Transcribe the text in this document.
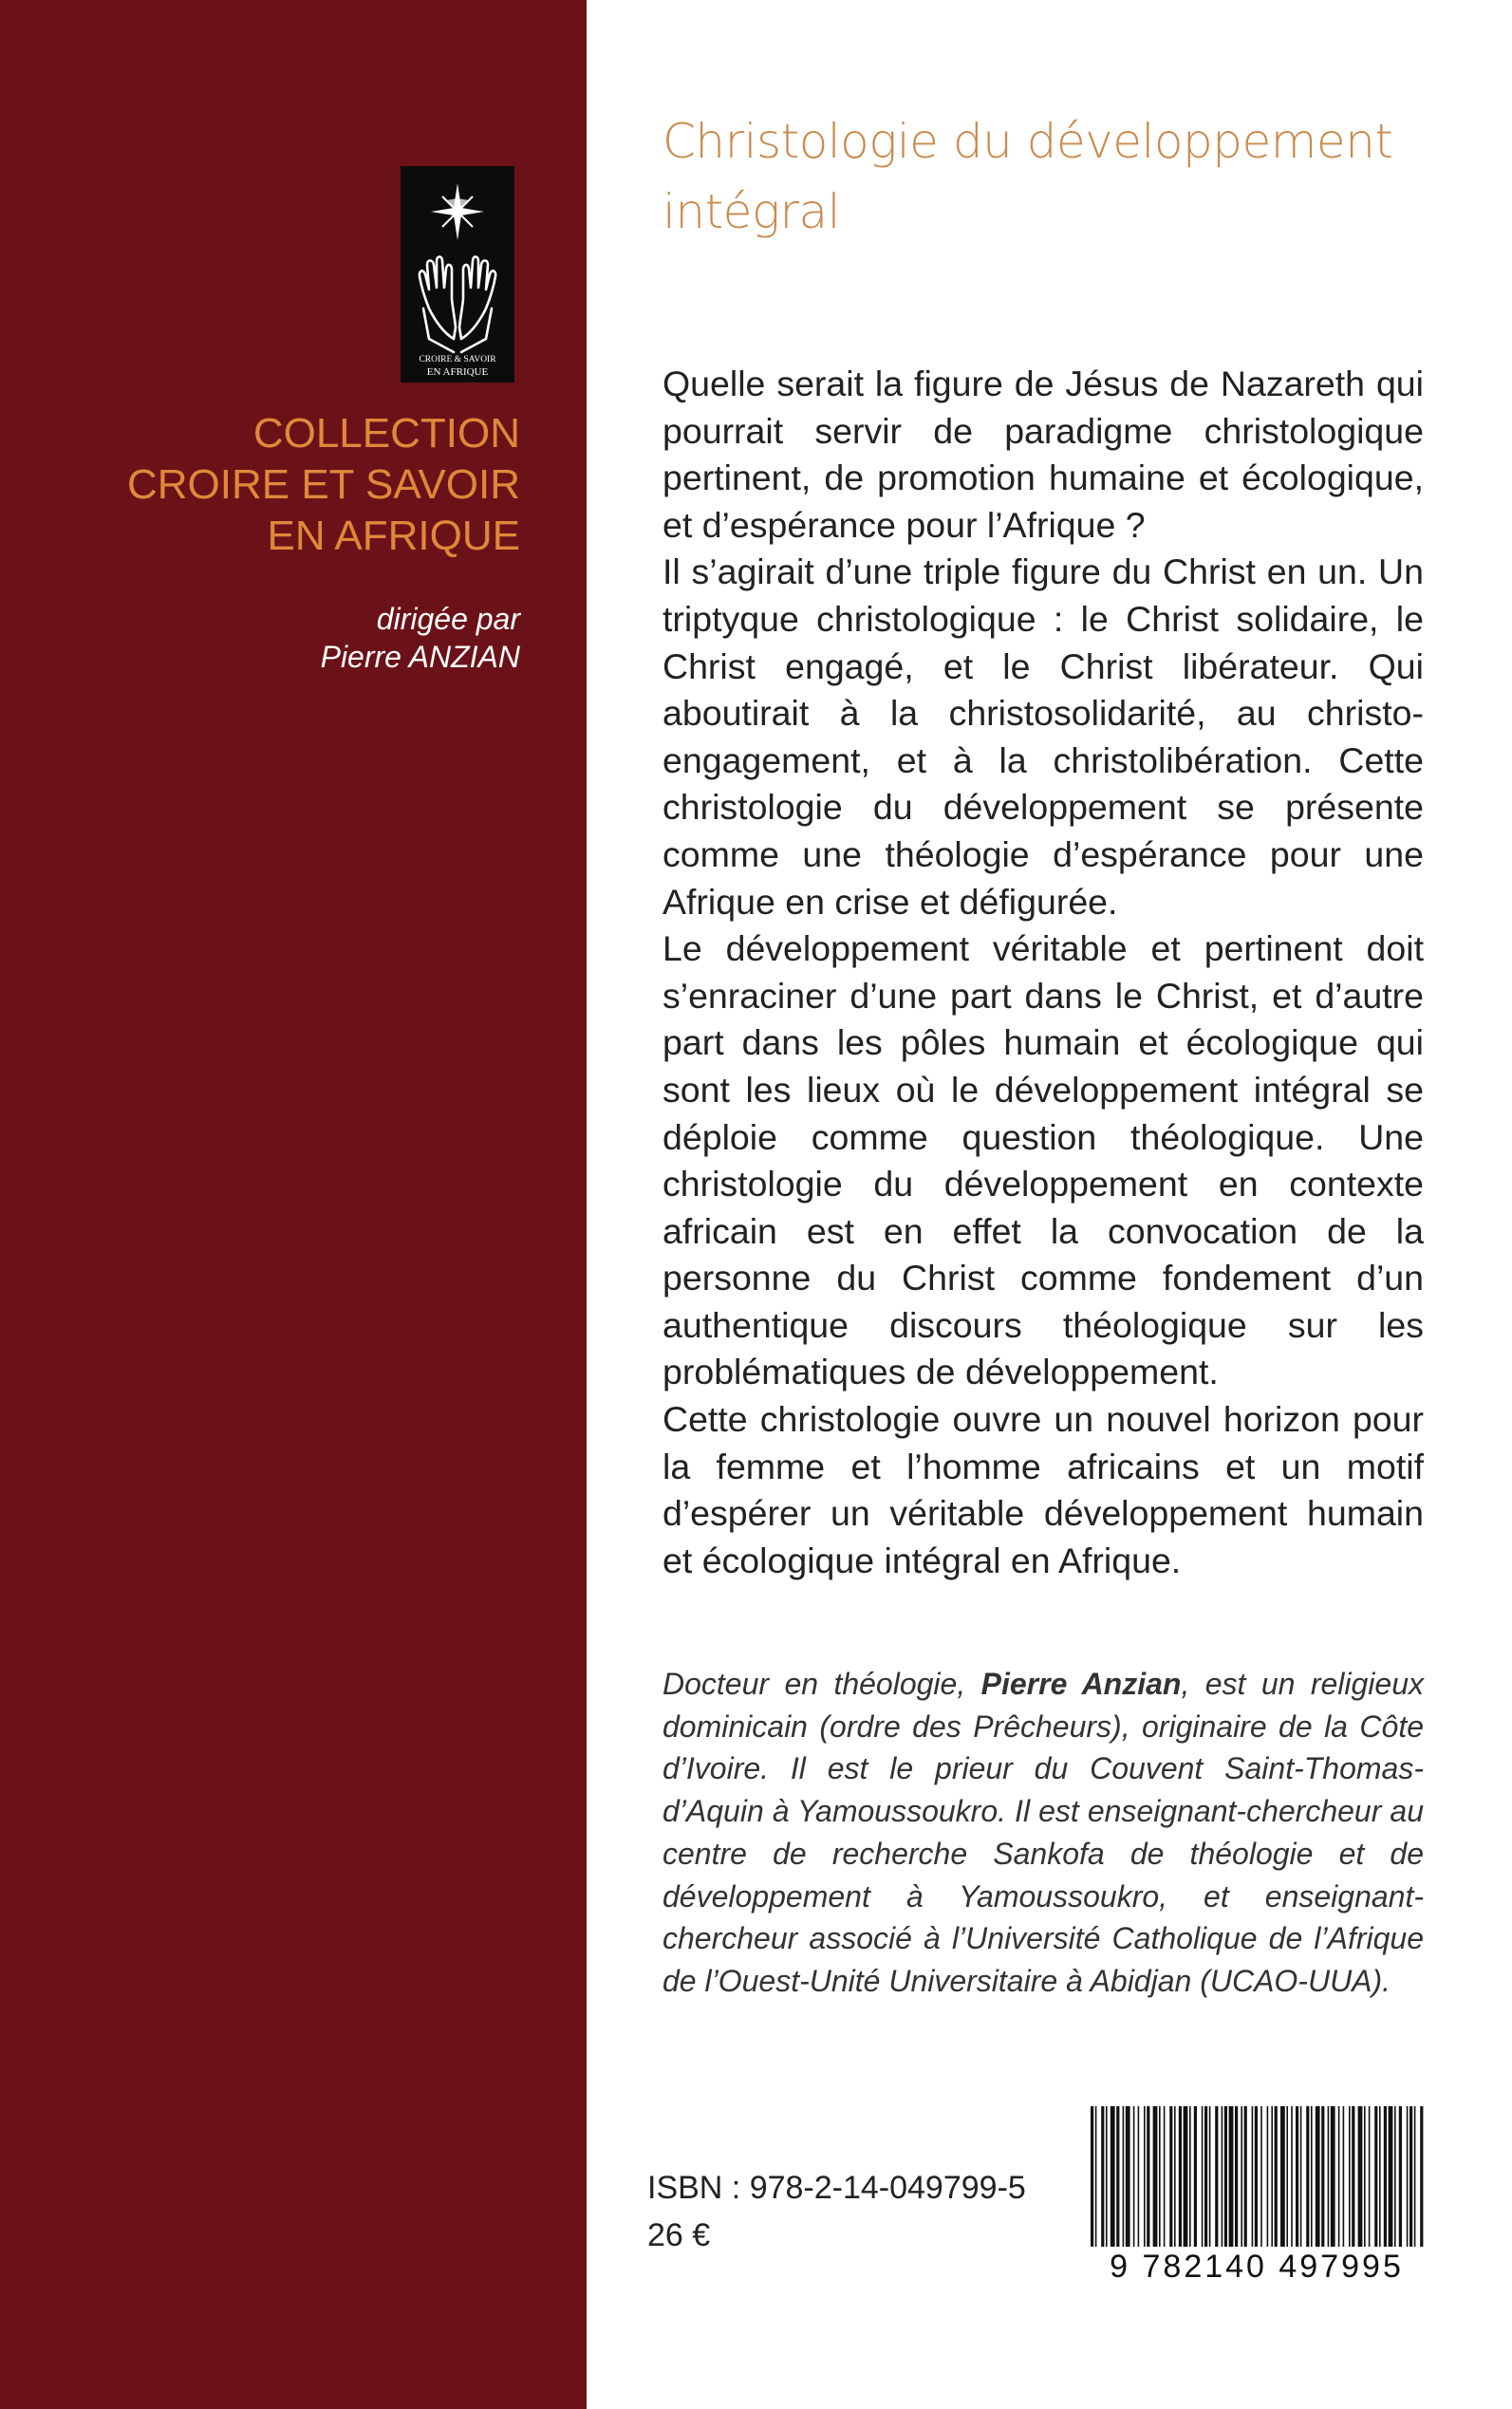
CROIRE & SAVOIR
EN AFRIQUE
COLLECTION
CROIRE ET SAVOIR
EN AFRIQUE
dirigée par
Pierre ANZIAN
Christologie du développement
intégral

Quelle serait la figure de Jésus de Nazareth qui pourrait servir de paradigme christologique pertinent, de promotion humaine et écologique, et d’espérance pour l’Afrique ?

Il s’agirait d’une triple figure du Christ en un. Un triptyque christologique : le Christ solidaire, le Christ engagé, et le Christ libérateur. Qui aboutirait à la christosolidarité, au christo-engagement, et à la christolibération. Cette christologie du développement se présente comme une théologie d’espérance pour une Afrique en crise et défigurée.

Le développement véritable et pertinent doit s’enraciner d’une part dans le Christ, et d’autre part dans les pôles humain et écologique qui sont les lieux où le développement intégral se déploie comme question théologique. Une christologie du développement en contexte africain est en effet la convocation de la personne du Christ comme fondement d’un authentique discours théologique sur les problématiques de développement.

Cette christologie ouvre un nouvel horizon pour la femme et l’homme africains et un motif d’espérer un véritable développement humain et écologique intégral en Afrique.

Docteur en théologie, Pierre Anzian, est un religieux dominicain (ordre des Prêcheurs), originaire de la Côte d’Ivoire. Il est le prieur du Couvent Saint-Thomas-d’Aquin à Yamoussoukro. Il est enseignant-chercheur au centre de recherche Sankofa de théologie et de développement à Yamoussoukro, et enseignant-chercheur associé à l’Université Catholique de l’Afrique de l’Ouest-Unité Universitaire à Abidjan (UCAO-UUA).
ISBN : 978-2-14-049799-5
26 €
9 782140 497995
